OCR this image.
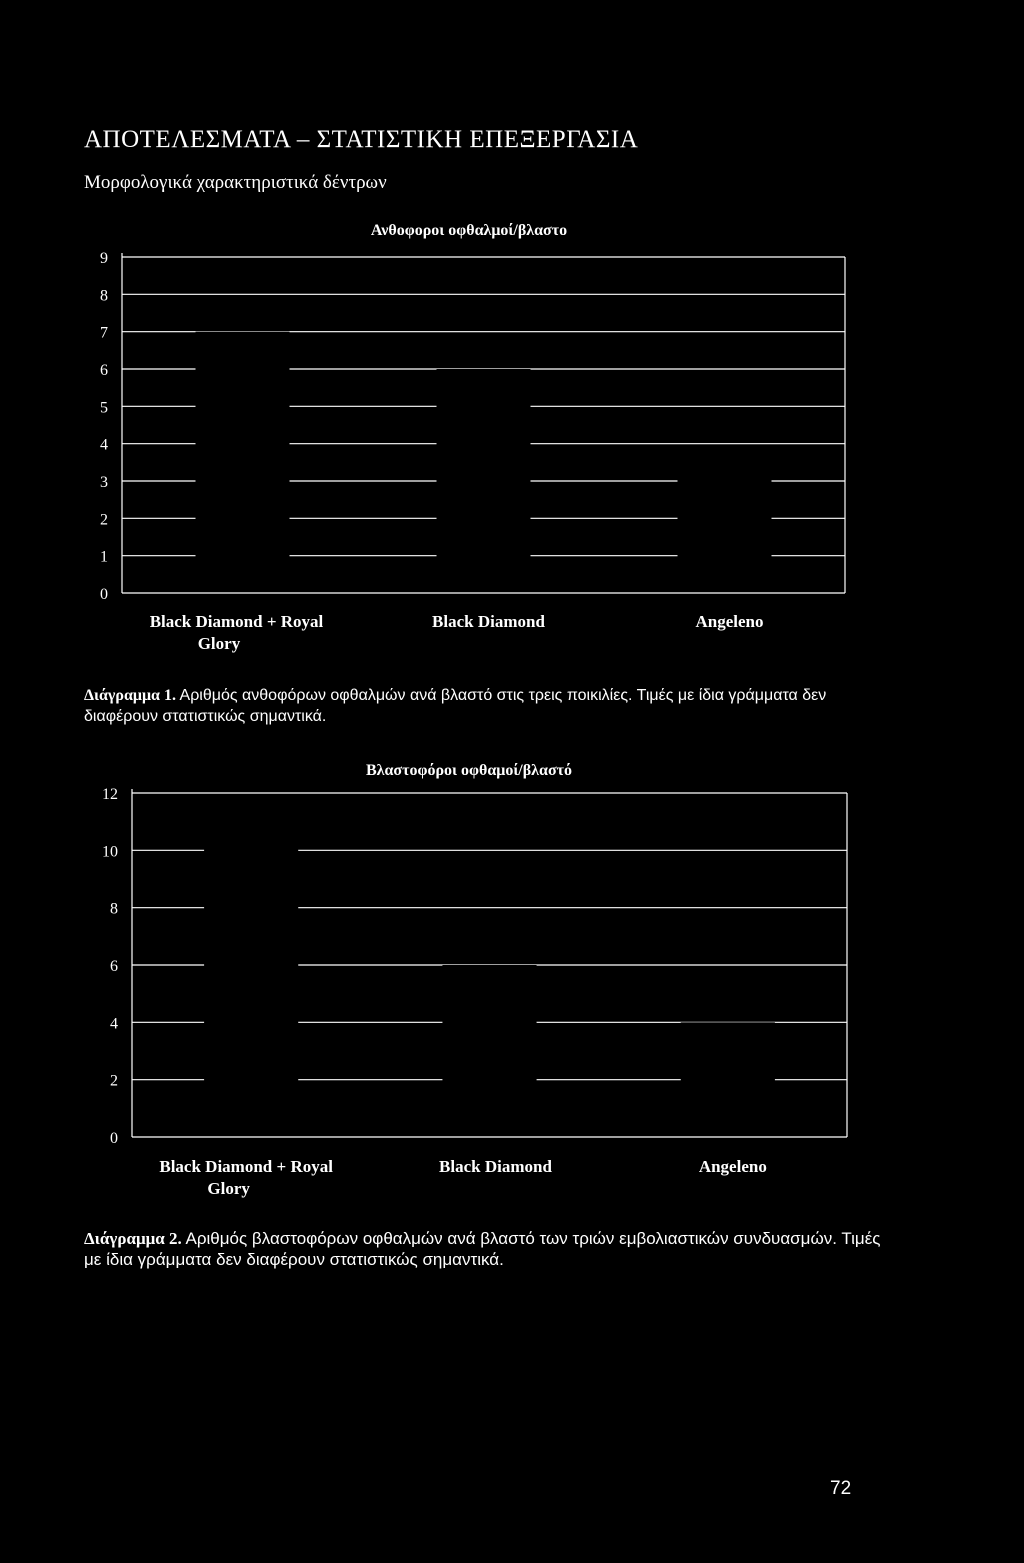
ΑΠΟΤΕΛΕΣΜΑΤΑ – ΣΤΑΤΙΣΤΙΚΗ ΕΠΕΞΕΡΓΑΣΙΑ
Μορφολογικά χαρακτηριστικά δέντρων
Ανθοφοροι οφθαλμοί/βλαστο
0
1
2
3
4
5
6
7
8
9
Black Diamond + Royal
Glory
Black Diamond	Angeleno
Διάγραμμα 1. Αριθμός ανθοφόρων οφθαλμών ανά βλαστό στις τρεις ποικιλίες. Τιμές με ίδια γράμματα δεν διαφέρουν στατιστικώς σημαντικά.
Βλαστοφόροι οφθαμοί/βλαστό
0
2
4
6
8
10
12
Black Diamond + Royal
Glory
Black Diamond	Angeleno
Διάγραμμα 2. Αριθμός βλαστοφόρων οφθαλμών ανά βλαστό των τριών εμβολιαστικών συνδυασμών. Τιμές με ίδια γράμματα δεν διαφέρουν στατιστικώς σημαντικά.
72
